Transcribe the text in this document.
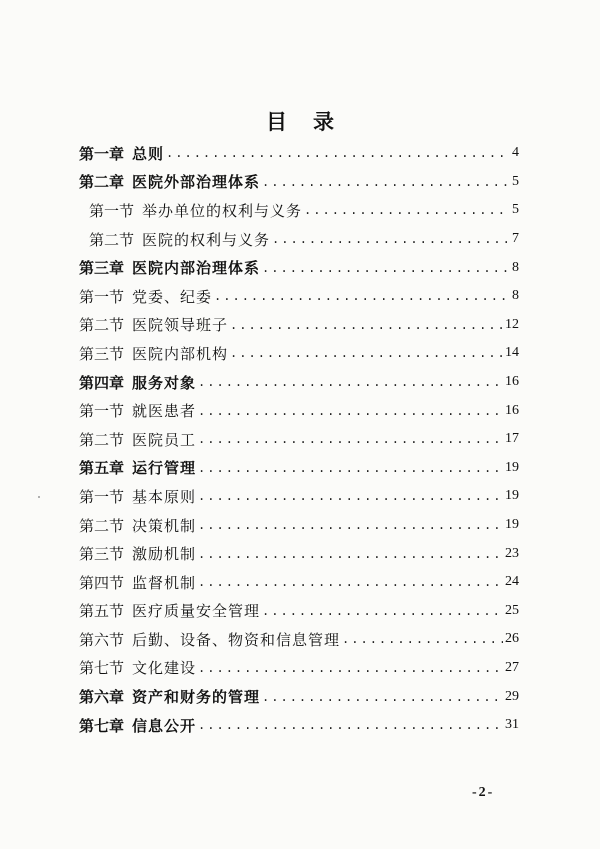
目录
第一章 总则 .....	4
第二章 医院外部治理体系 .....	5
第一节 举办单位的权利与义务 .....	5
第二节 医院的权利与义务 .....	7
第三章 医院内部治理体系 .....	8
第一节 党委、纪委 .....	8
第二节 医院领导班子 .....	12
第三节 医院内部机构 .....	14
第四章 服务对象 .....	16
第一节 就医患者 .....	16
第二节 医院员工 .....	17
第五章 运行管理 .....	19
第一节 基本原则 .....	19
第二节 决策机制 .....	19
第三节 激励机制 .....	23
第四节 监督机制 .....	24
第五节 医疗质量安全管理 .....	25
第六节 后勤、设备、物资和信息管理 .....	26
第七节 文化建设 .....	27
第六章 资产和财务的管理 .....	29
第七章 信息公开 .....	31
-2-
